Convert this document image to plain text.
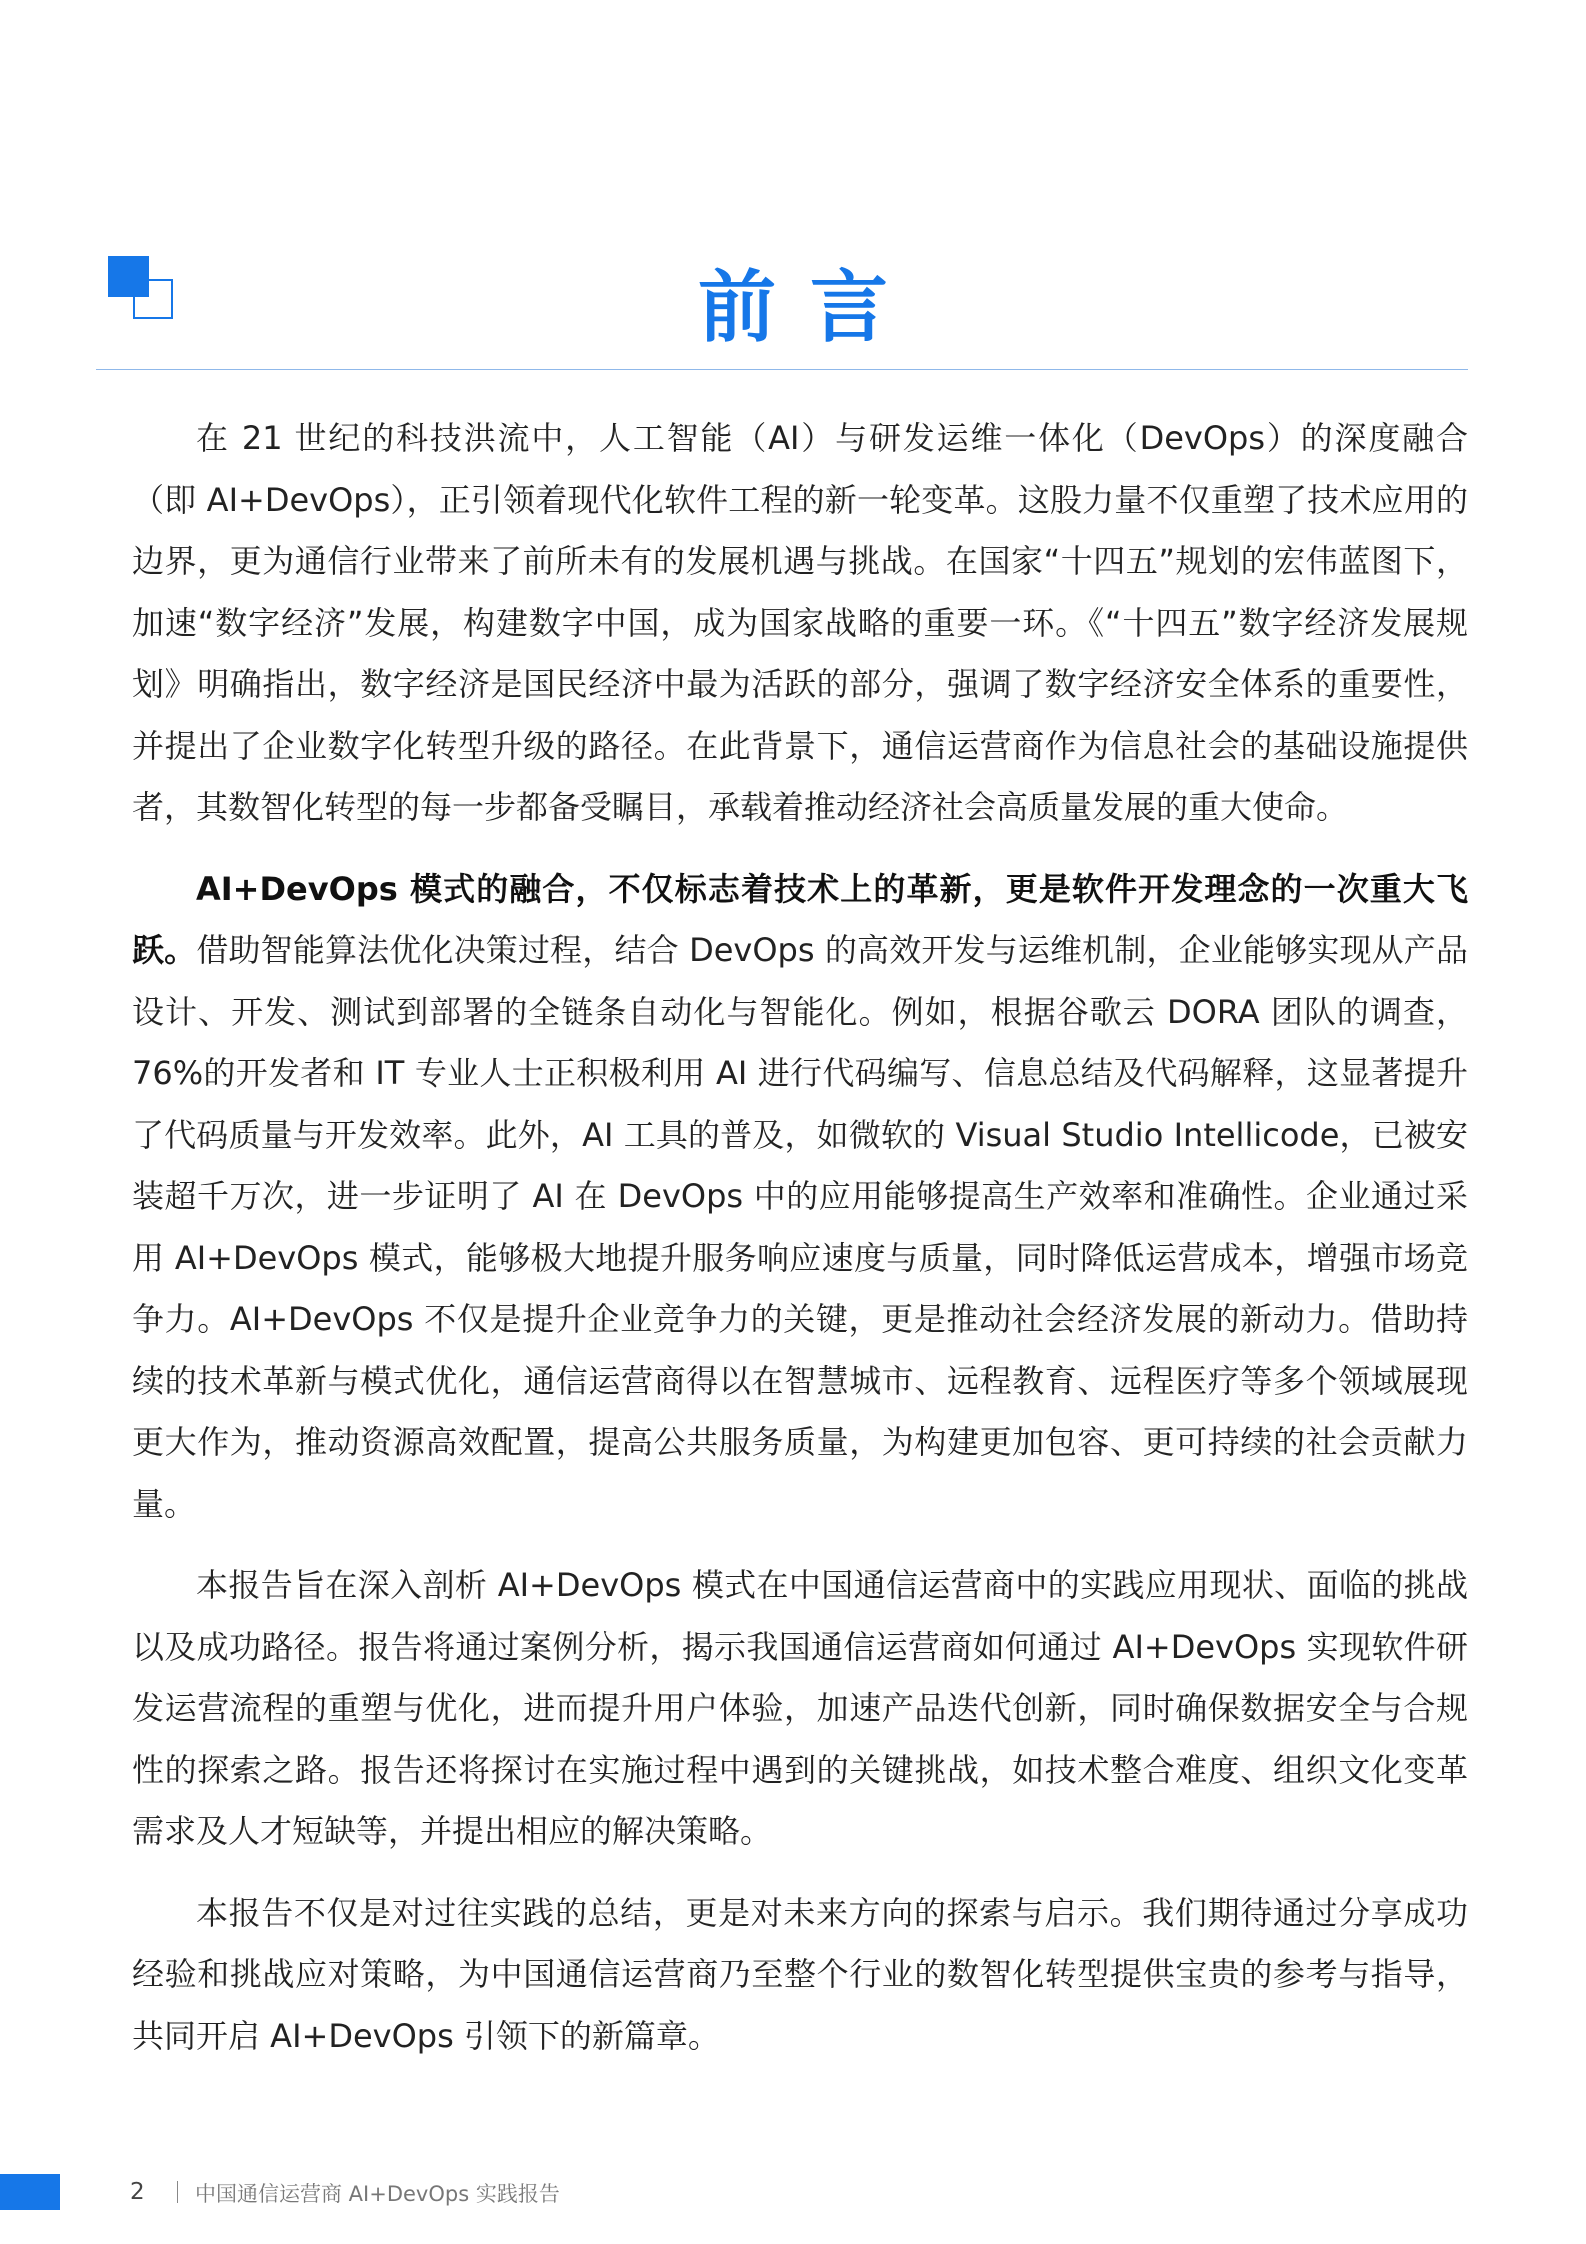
前言

在 21 世纪的科技洪流中，人工智能（AI）与研发运维一体化（DevOps）的深度融合（即 AI+DevOps），正引领着现代化软件工程的新一轮变革。这股力量不仅重塑了技术应用的边界，更为通信行业带来了前所未有的发展机遇与挑战。在国家“十四五”规划的宏伟蓝图下，加速“数字经济”发展，构建数字中国，成为国家战略的重要一环。《“十四五”数字经济发展规划》明确指出，数字经济是国民经济中最为活跃的部分，强调了数字经济安全体系的重要性，并提出了企业数字化转型升级的路径。在此背景下，通信运营商作为信息社会的基础设施提供者，其数智化转型的每一步都备受瞩目，承载着推动经济社会高质量发展的重大使命。

AI+DevOps 模式的融合，不仅标志着技术上的革新，更是软件开发理念的一次重大飞跃。借助智能算法优化决策过程，结合 DevOps 的高效开发与运维机制，企业能够实现从产品设计、开发、测试到部署的全链条自动化与智能化。例如，根据谷歌云 DORA 团队的调查，76%的开发者和 IT 专业人士正积极利用 AI 进行代码编写、信息总结及代码解释，这显著提升了代码质量与开发效率。此外，AI 工具的普及，如微软的 Visual Studio Intellicode，已被安装超千万次，进一步证明了 AI 在 DevOps 中的应用能够提高生产效率和准确性。企业通过采用 AI+DevOps 模式，能够极大地提升服务响应速度与质量，同时降低运营成本，增强市场竞争力。AI+DevOps 不仅是提升企业竞争力的关键，更是推动社会经济发展的新动力。借助持续的技术革新与模式优化，通信运营商得以在智慧城市、远程教育、远程医疗等多个领域展现更大作为，推动资源高效配置，提高公共服务质量，为构建更加包容、更可持续的社会贡献力量。

本报告旨在深入剖析 AI+DevOps 模式在中国通信运营商中的实践应用现状、面临的挑战以及成功路径。报告将通过案例分析，揭示我国通信运营商如何通过 AI+DevOps 实现软件研发运营流程的重塑与优化，进而提升用户体验，加速产品迭代创新，同时确保数据安全与合规性的探索之路。报告还将探讨在实施过程中遇到的关键挑战，如技术整合难度、组织文化变革需求及人才短缺等，并提出相应的解决策略。

本报告不仅是对过往实践的总结，更是对未来方向的探索与启示。我们期待通过分享成功经验和挑战应对策略，为中国通信运营商乃至整个行业的数智化转型提供宝贵的参考与指导，共同开启 AI+DevOps 引领下的新篇章。

2 中国通信运营商 AI+DevOps 实践报告
